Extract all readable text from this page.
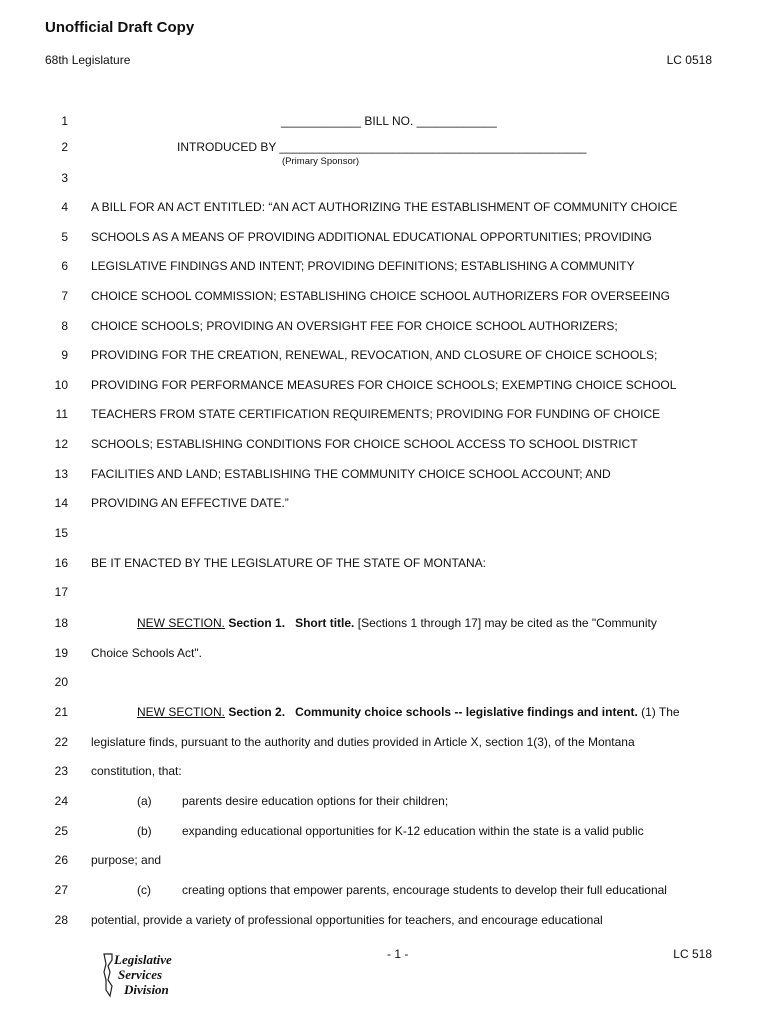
Unofficial Draft Copy
68th Legislature	LC 0518
1	____________ BILL NO. ____________
2	INTRODUCED BY ______________________________________________
(Primary Sponsor)
3
4 A BILL FOR AN ACT ENTITLED: “AN ACT AUTHORIZING THE ESTABLISHMENT OF COMMUNITY CHOICE
5 SCHOOLS AS A MEANS OF PROVIDING ADDITIONAL EDUCATIONAL OPPORTUNITIES; PROVIDING
6 LEGISLATIVE FINDINGS AND INTENT; PROVIDING DEFINITIONS; ESTABLISHING A COMMUNITY
7 CHOICE SCHOOL COMMISSION; ESTABLISHING CHOICE SCHOOL AUTHORIZERS FOR OVERSEEING
8 CHOICE SCHOOLS; PROVIDING AN OVERSIGHT FEE FOR CHOICE SCHOOL AUTHORIZERS;
9 PROVIDING FOR THE CREATION, RENEWAL, REVOCATION, AND CLOSURE OF CHOICE SCHOOLS;
10 PROVIDING FOR PERFORMANCE MEASURES FOR CHOICE SCHOOLS; EXEMPTING CHOICE SCHOOL
11 TEACHERS FROM STATE CERTIFICATION REQUIREMENTS; PROVIDING FOR FUNDING OF CHOICE
12 SCHOOLS; ESTABLISHING CONDITIONS FOR CHOICE SCHOOL ACCESS TO SCHOOL DISTRICT
13 FACILITIES AND LAND; ESTABLISHING THE COMMUNITY CHOICE SCHOOL ACCOUNT; AND
14 PROVIDING AN EFFECTIVE DATE.”
15
16 BE IT ENACTED BY THE LEGISLATURE OF THE STATE OF MONTANA:
17
18	NEW SECTION. Section 1. Short title. [Sections 1 through 17] may be cited as the "Community
19 Choice Schools Act".
20
21	NEW SECTION. Section 2. Community choice schools -- legislative findings and intent. (1) The
22 legislature finds, pursuant to the authority and duties provided in Article X, section 1(3), of the Montana
23 constitution, that:
24	(a)	parents desire education options for their children;
25	(b)	expanding educational opportunities for K-12 education within the state is a valid public
26 purpose; and
27	(c)	creating options that empower parents, encourage students to develop their full educational
28 potential, provide a variety of professional opportunities for teachers, and encourage educational
Legislative
Services
Division
- 1 -	LC 518
